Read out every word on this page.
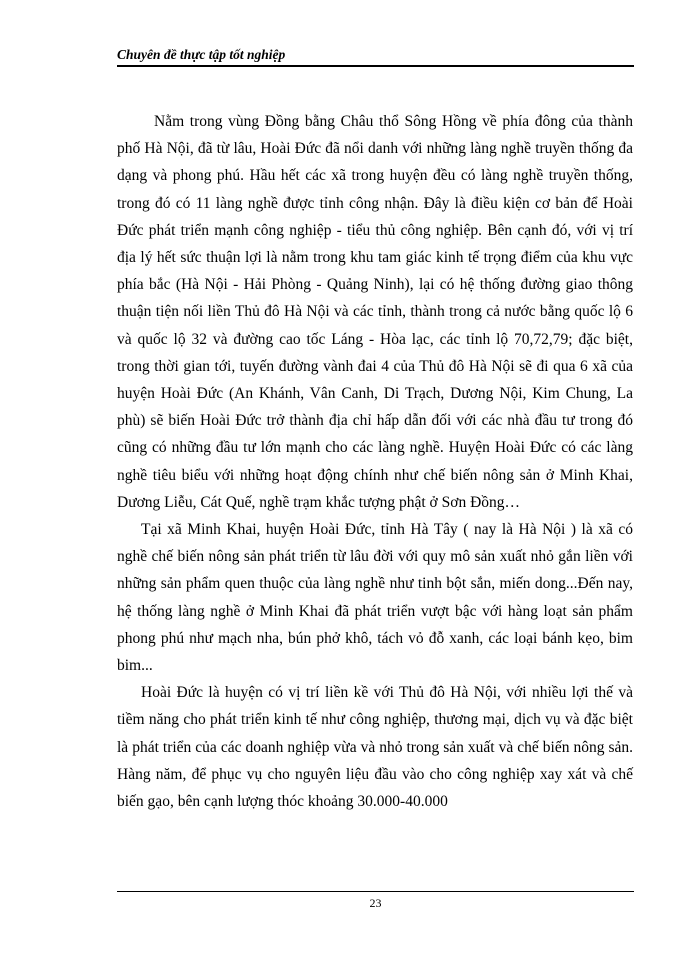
Chuyên đề thực tập tốt nghiệp

Nằm trong vùng Đồng bằng Châu thổ Sông Hồng về phía đông của thành phố Hà Nội, đã từ lâu, Hoài Đức đã nổi danh với những làng nghề truyền thống đa dạng và phong phú. Hầu hết các xã trong huyện đều có làng nghề truyền thống, trong đó có 11 làng nghề được tỉnh công nhận. Đây là điều kiện cơ bản để Hoài Đức phát triển mạnh công nghiệp - tiểu thủ công nghiệp. Bên cạnh đó, với vị trí địa lý hết sức thuận lợi là nằm trong khu tam giác kinh tế trọng điểm của khu vực phía bắc (Hà Nội - Hải Phòng - Quảng Ninh), lại có hệ thống đường giao thông thuận tiện nối liền Thủ đô Hà Nội và các tỉnh, thành trong cả nước bằng quốc lộ 6 và quốc lộ 32 và đường cao tốc Láng - Hòa lạc, các tỉnh lộ 70,72,79; đặc biệt, trong thời gian tới, tuyến đường vành đai 4 của Thủ đô Hà Nội sẽ đi qua 6 xã của huyện Hoài Đức (An Khánh, Vân Canh, Di Trạch, Dương Nội, Kim Chung, La phù) sẽ biến Hoài Đức trở thành địa chỉ hấp dẫn đối với các nhà đầu tư trong đó cũng có những đầu tư lớn mạnh cho các làng nghề. Huyện Hoài Đức có các làng nghề tiêu biểu với những hoạt động chính như chế biến nông sản ở Minh Khai, Dương Liễu, Cát Quế, nghề trạm khắc tượng phật ở Sơn Đồng…

Tại xã Minh Khai, huyện Hoài Đức, tỉnh Hà Tây ( nay là Hà Nội ) là xã có nghề chế biến nông sản phát triển từ lâu đời với quy mô sản xuất nhỏ gắn liền với những sản phẩm quen thuộc của làng nghề như tinh bột sắn, miến dong...Đến nay, hệ thống làng nghề ở Minh Khai đã phát triển vượt bậc với hàng loạt sản phẩm phong phú như mạch nha, bún phở khô, tách vỏ đỗ xanh, các loại bánh kẹo, bim bim...

Hoài Đức là huyện có vị trí liền kề với Thủ đô Hà Nội, với nhiều lợi thế và tiềm năng cho phát triển kinh tế như công nghiệp, thương mại, dịch vụ và đặc biệt là phát triển của các doanh nghiệp vừa và nhỏ trong sản xuất và chế biến nông sản. Hàng năm, để phục vụ cho nguyên liệu đầu vào cho công nghiệp xay xát và chế biến gạo, bên cạnh lượng thóc khoảng 30.000-40.000

23
